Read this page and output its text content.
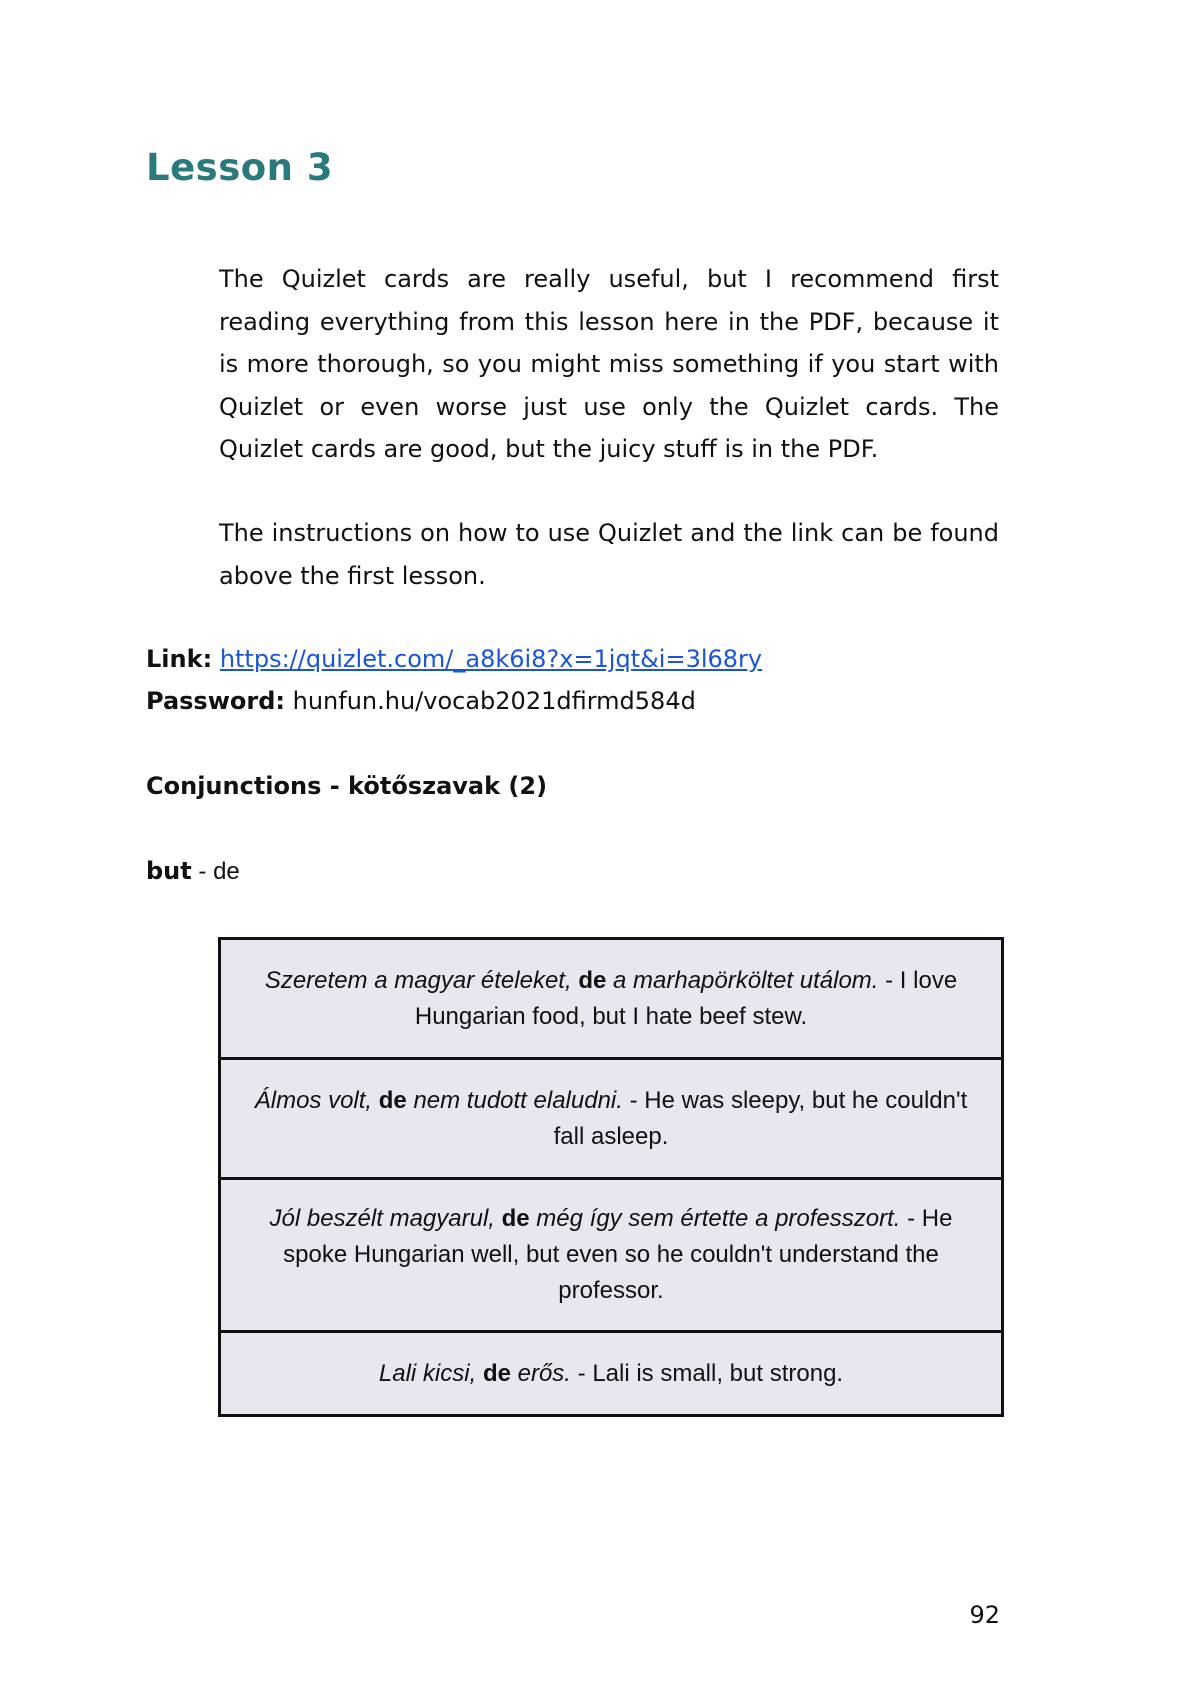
Lesson 3

The Quizlet cards are really useful, but I recommend first reading everything from this lesson here in the PDF, because it is more thorough, so you might miss something if you start with Quizlet or even worse just use only the Quizlet cards. The Quizlet cards are good, but the juicy stuff is in the PDF.

The instructions on how to use Quizlet and the link can be found above the first lesson.

Link: https://quizlet.com/_a8k6i8?x=1jqt&i=3l68ry
Password: hunfun.hu/vocab2021dfirmd584d
Conjunctions - kötőszavak (2)
but - de
Szeretem a magyar ételeket, de a marhapörköltet utálom. - I love Hungarian food, but I hate beef stew.
Álmos volt, de nem tudott elaludni. - He was sleepy, but he couldn't fall asleep.
Jól beszélt magyarul, de még így sem értette a professzort. - He spoke Hungarian well, but even so he couldn't understand the professor.
Lali kicsi, de erős. - Lali is small, but strong.
92
